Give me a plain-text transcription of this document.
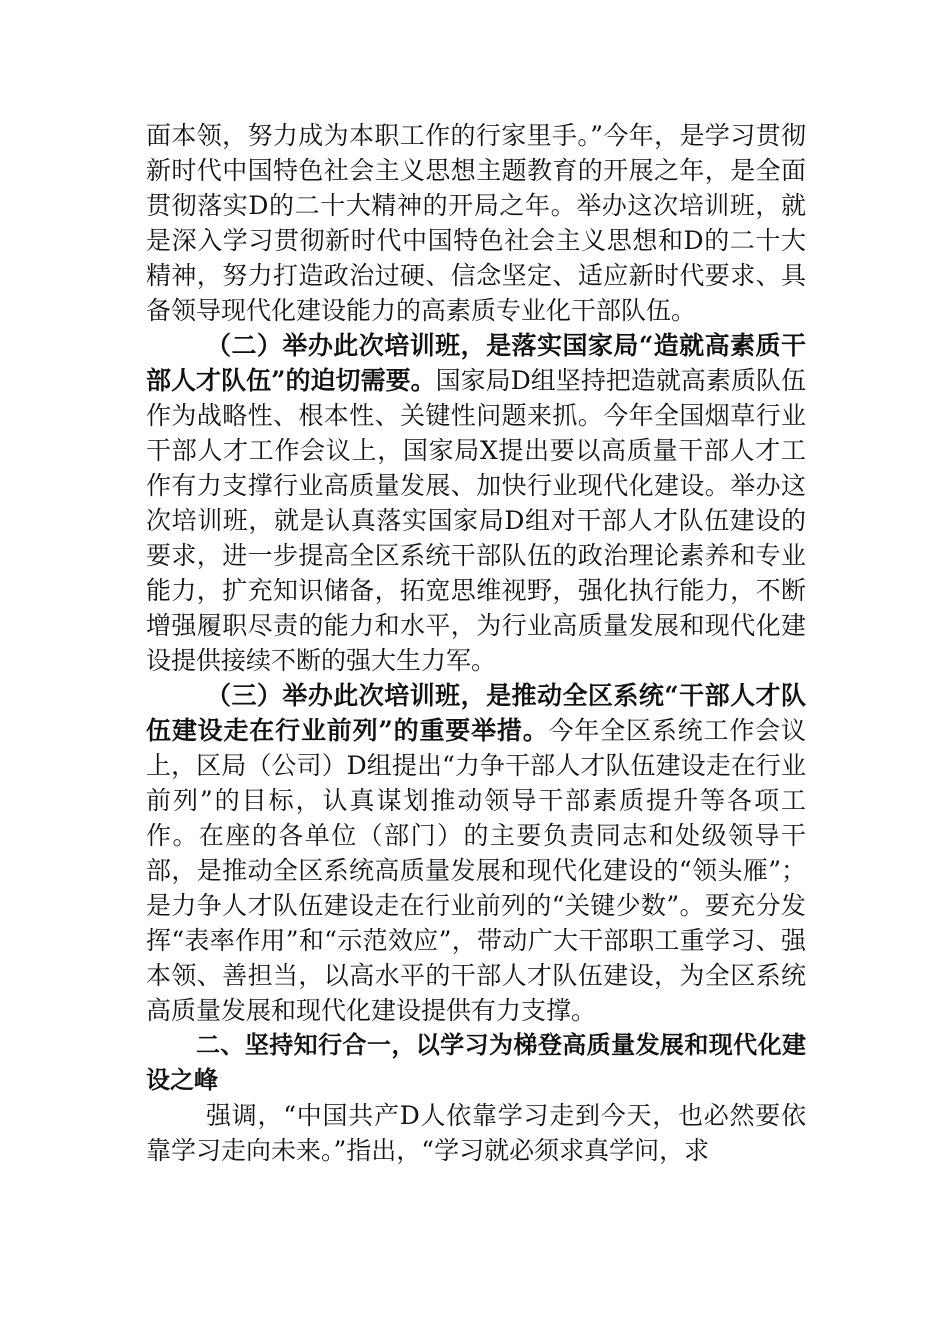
面本领，努力成为本职工作的行家里手。”今年，是学习贯彻新时代中国特色社会主义思想主题教育的开展之年，是全面贯彻落实D的二十大精神的开局之年。举办这次培训班，就是深入学习贯彻新时代中国特色社会主义思想和D的二十大精神，努力打造政治过硬、信念坚定、适应新时代要求、具备领导现代化建设能力的高素质专业化干部队伍。

（二）举办此次培训班，是落实国家局“造就高素质干部人才队伍”的迫切需要。国家局D组坚持把造就高素质队伍作为战略性、根本性、关键性问题来抓。今年全国烟草行业干部人才工作会议上，国家局X提出要以高质量干部人才工作有力支撑行业高质量发展、加快行业现代化建设。举办这次培训班，就是认真落实国家局D组对干部人才队伍建设的要求，进一步提高全区系统干部队伍的政治理论素养和专业能力，扩充知识储备，拓宽思维视野，强化执行能力，不断增强履职尽责的能力和水平，为行业高质量发展和现代化建设提供接续不断的强大生力军。

（三）举办此次培训班，是推动全区系统“干部人才队伍建设走在行业前列”的重要举措。今年全区系统工作会议上，区局（公司）D组提出“力争干部人才队伍建设走在行业前列”的目标，认真谋划推动领导干部素质提升等各项工作。在座的各单位（部门）的主要负责同志和处级领导干部，是推动全区系统高质量发展和现代化建设的“领头雁”；是力争人才队伍建设走在行业前列的“关键少数”。要充分发挥“表率作用”和“示范效应”，带动广大干部职工重学习、强本领、善担当，以高水平的干部人才队伍建设，为全区系统高质量发展和现代化建设提供有力支撑。

二、坚持知行合一，以学习为梯登高质量发展和现代化建设之峰

强调，“中国共产D人依靠学习走到今天，也必然要依靠学习走向未来。”指出，“学习就必须求真学问，求
